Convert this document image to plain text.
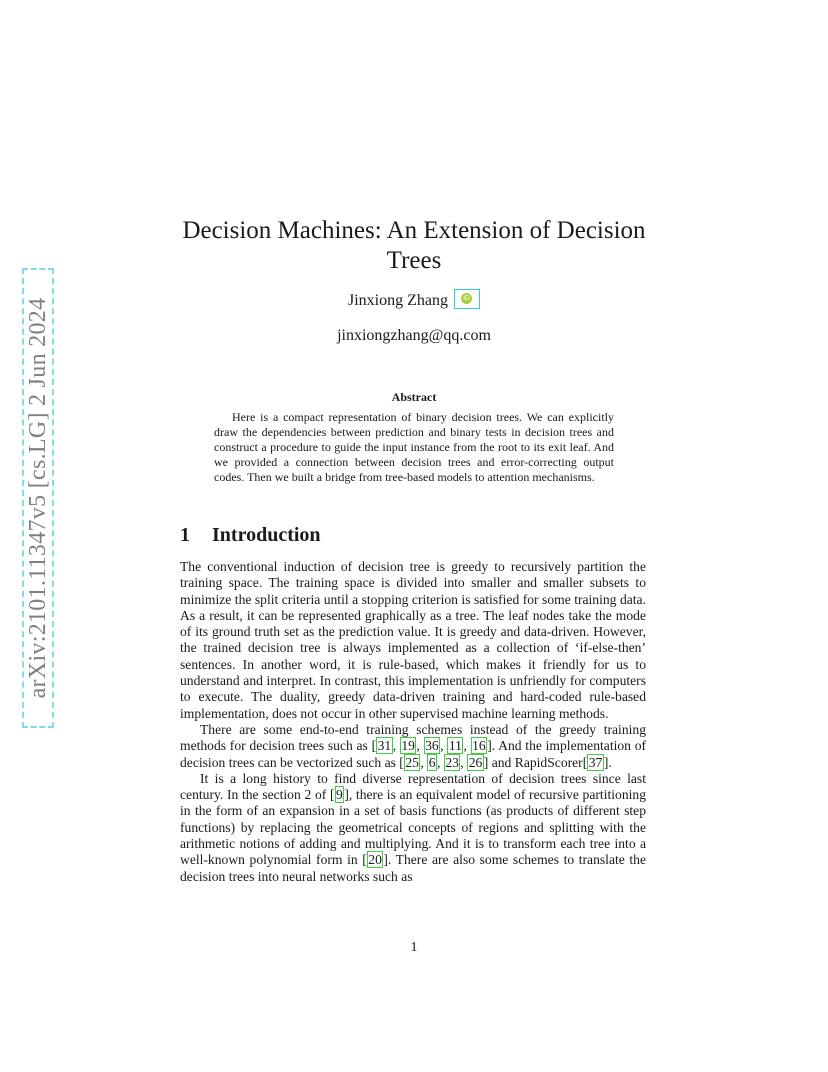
arXiv:2101.11347v5 [cs.LG] 2 Jun 2024
Decision Machines: An Extension of Decision Trees
Jinxiong Zhang	iD
jinxiongzhang@qq.com
Abstract

Here is a compact representation of binary decision trees. We can explicitly draw the dependencies between prediction and binary tests in decision trees and construct a procedure to guide the input instance from the root to its exit leaf. And we provided a connection between decision trees and error-correcting output codes. Then we built a bridge from tree-based models to attention mechanisms.

1 Introduction

The conventional induction of decision tree is greedy to recursively partition the training space. The training space is divided into smaller and smaller subsets to minimize the split criteria until a stopping criterion is satisfied for some training data. As a result, it can be represented graphically as a tree. The leaf nodes take the mode of its ground truth set as the prediction value. It is greedy and data-driven. However, the trained decision tree is always implemented as a collection of ‘if-else-then’ sentences. In another word, it is rule-based, which makes it friendly for us to understand and interpret. In contrast, this implementation is unfriendly for computers to execute. The duality, greedy data-driven training and hard-coded rule-based implementation, does not occur in other supervised machine learning methods.

There are some end-to-end training schemes instead of the greedy training methods for decision trees such as [ 31 , 19 , 36 , 11 , 16 ]. And the implementation of decision trees can be vectorized such as [ 25 , 6 , 23 , 26 ] and RapidScorer[ 37 ].

It is a long history to find diverse representation of decision trees since last century. In the section 2 of [ 9 ], there is an equivalent model of recursive partitioning in the form of an expansion in a set of basis functions (as products of different step functions) by replacing the geometrical concepts of regions and splitting with the arithmetic notions of adding and multiplying. And it is to transform each tree into a well-known polynomial form in [ 20 ]. There are also some schemes to translate the decision trees into neural networks such as

1
